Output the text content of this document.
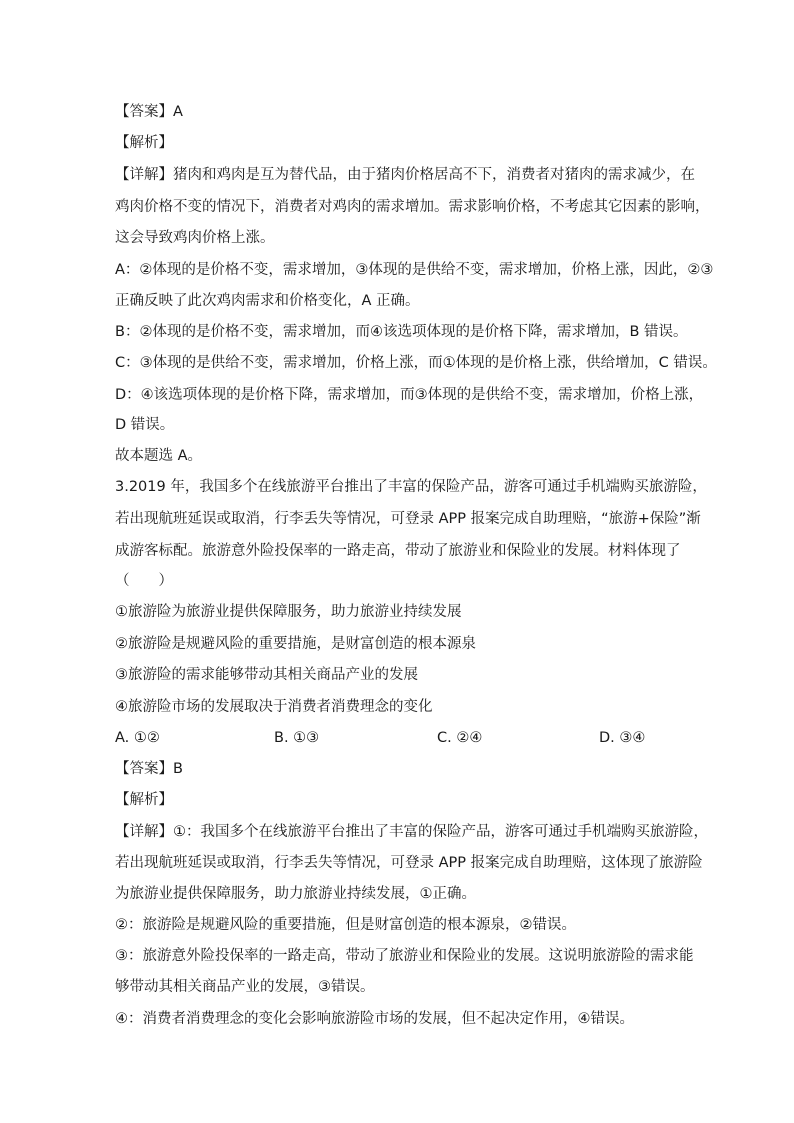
【答案】A
【解析】
【详解】猪肉和鸡肉是互为替代品，由于猪肉价格居高不下，消费者对猪肉的需求减少，在
鸡肉价格不变的情况下，消费者对鸡肉的需求增加。需求影响价格，不考虑其它因素的影响，
这会导致鸡肉价格上涨。
A：②体现的是价格不变，需求增加，③体现的是供给不变，需求增加，价格上涨，因此，②③
正确反映了此次鸡肉需求和价格变化，A 正确。
B：②体现的是价格不变，需求增加，而④该选项体现的是价格下降，需求增加，B 错误。
C：③体现的是供给不变，需求增加，价格上涨，而①体现的是价格上涨，供给增加，C 错误。
D：④该选项体现的是价格下降，需求增加，而③体现的是供给不变，需求增加，价格上涨，
D 错误。
故本题选 A。
3.2019 年，我国多个在线旅游平台推出了丰富的保险产品，游客可通过手机端购买旅游险，
若出现航班延误或取消，行李丢失等情况，可登录 APP 报案完成自助理赔，“旅游+保险”渐
成游客标配。旅游意外险投保率的一路走高，带动了旅游业和保险业的发展。材料体现了
（　　）
①旅游险为旅游业提供保障服务，助力旅游业持续发展
②旅游险是规避风险的重要措施，是财富创造的根本源泉
③旅游险的需求能够带动其相关商品产业的发展
④旅游险市场的发展取决于消费者消费理念的变化
A. ①②	B. ①③	C. ②④	D. ③④
【答案】B
【解析】
【详解】①：我国多个在线旅游平台推出了丰富的保险产品，游客可通过手机端购买旅游险，
若出现航班延误或取消，行李丢失等情况，可登录 APP 报案完成自助理赔，这体现了旅游险
为旅游业提供保障服务，助力旅游业持续发展，①正确。
②：旅游险是规避风险的重要措施，但是财富创造的根本源泉，②错误。
③：旅游意外险投保率的一路走高，带动了旅游业和保险业的发展。这说明旅游险的需求能
够带动其相关商品产业的发展，③错误。
④：消费者消费理念的变化会影响旅游险市场的发展，但不起决定作用，④错误。
